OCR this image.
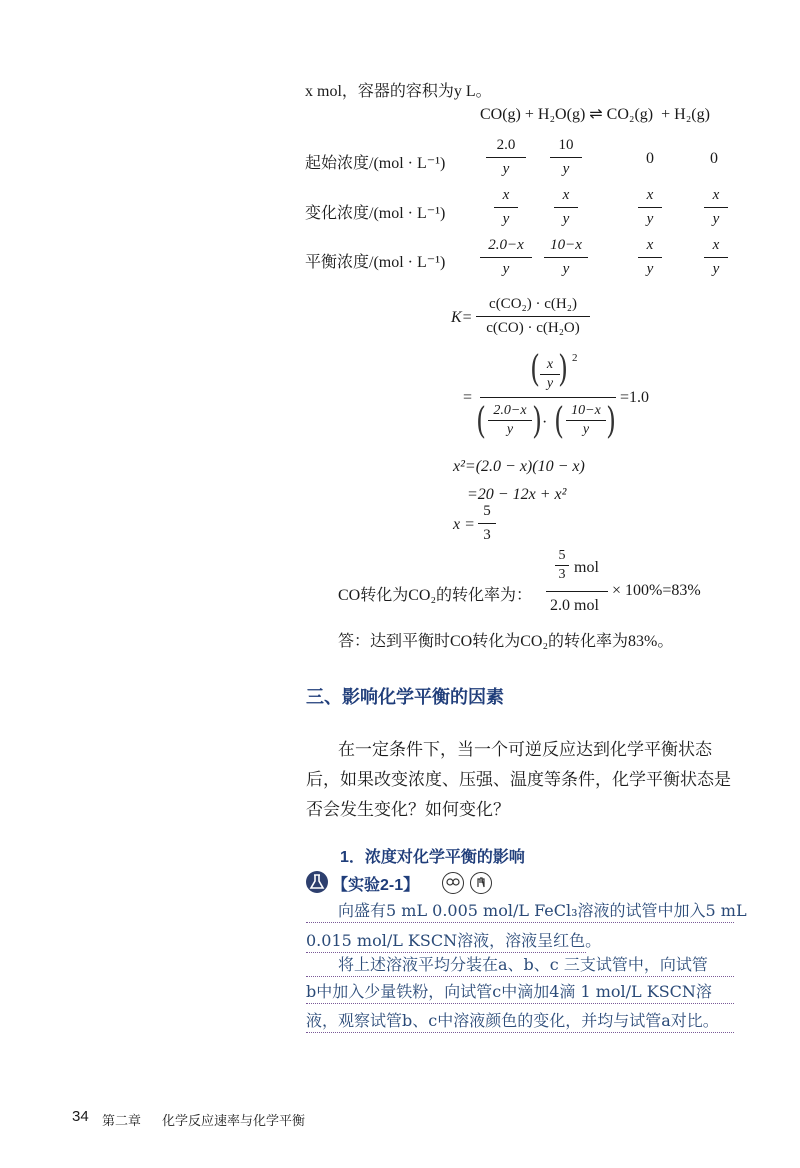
x mol，容器的容积为y L。
CO(g) + H₂O(g) ⇌ CO₂(g) + H₂(g)
起始浓度/(mol · L⁻¹)
2.0
y
10
y
0	0
变化浓度/(mol · L⁻¹)
x
y
x
y
x
y
x
y
平衡浓度/(mol · L⁻¹)
2.0−x
y
10−x
y
x
y
x
y
K=
c(CO₂) · c(H₂)
c(CO) · c(H₂O)
=
( x
y ) 2
( 2.0−x
y ) · ( 10−x
y )
=1.0
x²=(2.0 − x)(10 − x)
=20 − 12x + x²
x =
5
3
CO转化为CO₂的转化率为：
5
3 mol
2.0 mol
× 100%=83%
答：达到平衡时CO转化为CO₂的转化率为83%。
三、影响化学平衡的因素
在一定条件下，当一个可逆反应达到化学平衡状态
后，如果改变浓度、压强、温度等条件，化学平衡状态是
否会发生变化？如何变化？
1．浓度对化学平衡的影响
【实验2-1】
向盛有5 mL 0.005 mol/L FeCl₃溶液的试管中加入5 mL
0.015 mol/L KSCN溶液，溶液呈红色。
将上述溶液平均分装在a、b、c 三支试管中，向试管
b中加入少量铁粉，向试管c中滴加4滴 1 mol/L KSCN溶
液，观察试管b、c中溶液颜色的变化，并均与试管a对比。
34 第二章 化学反应速率与化学平衡
